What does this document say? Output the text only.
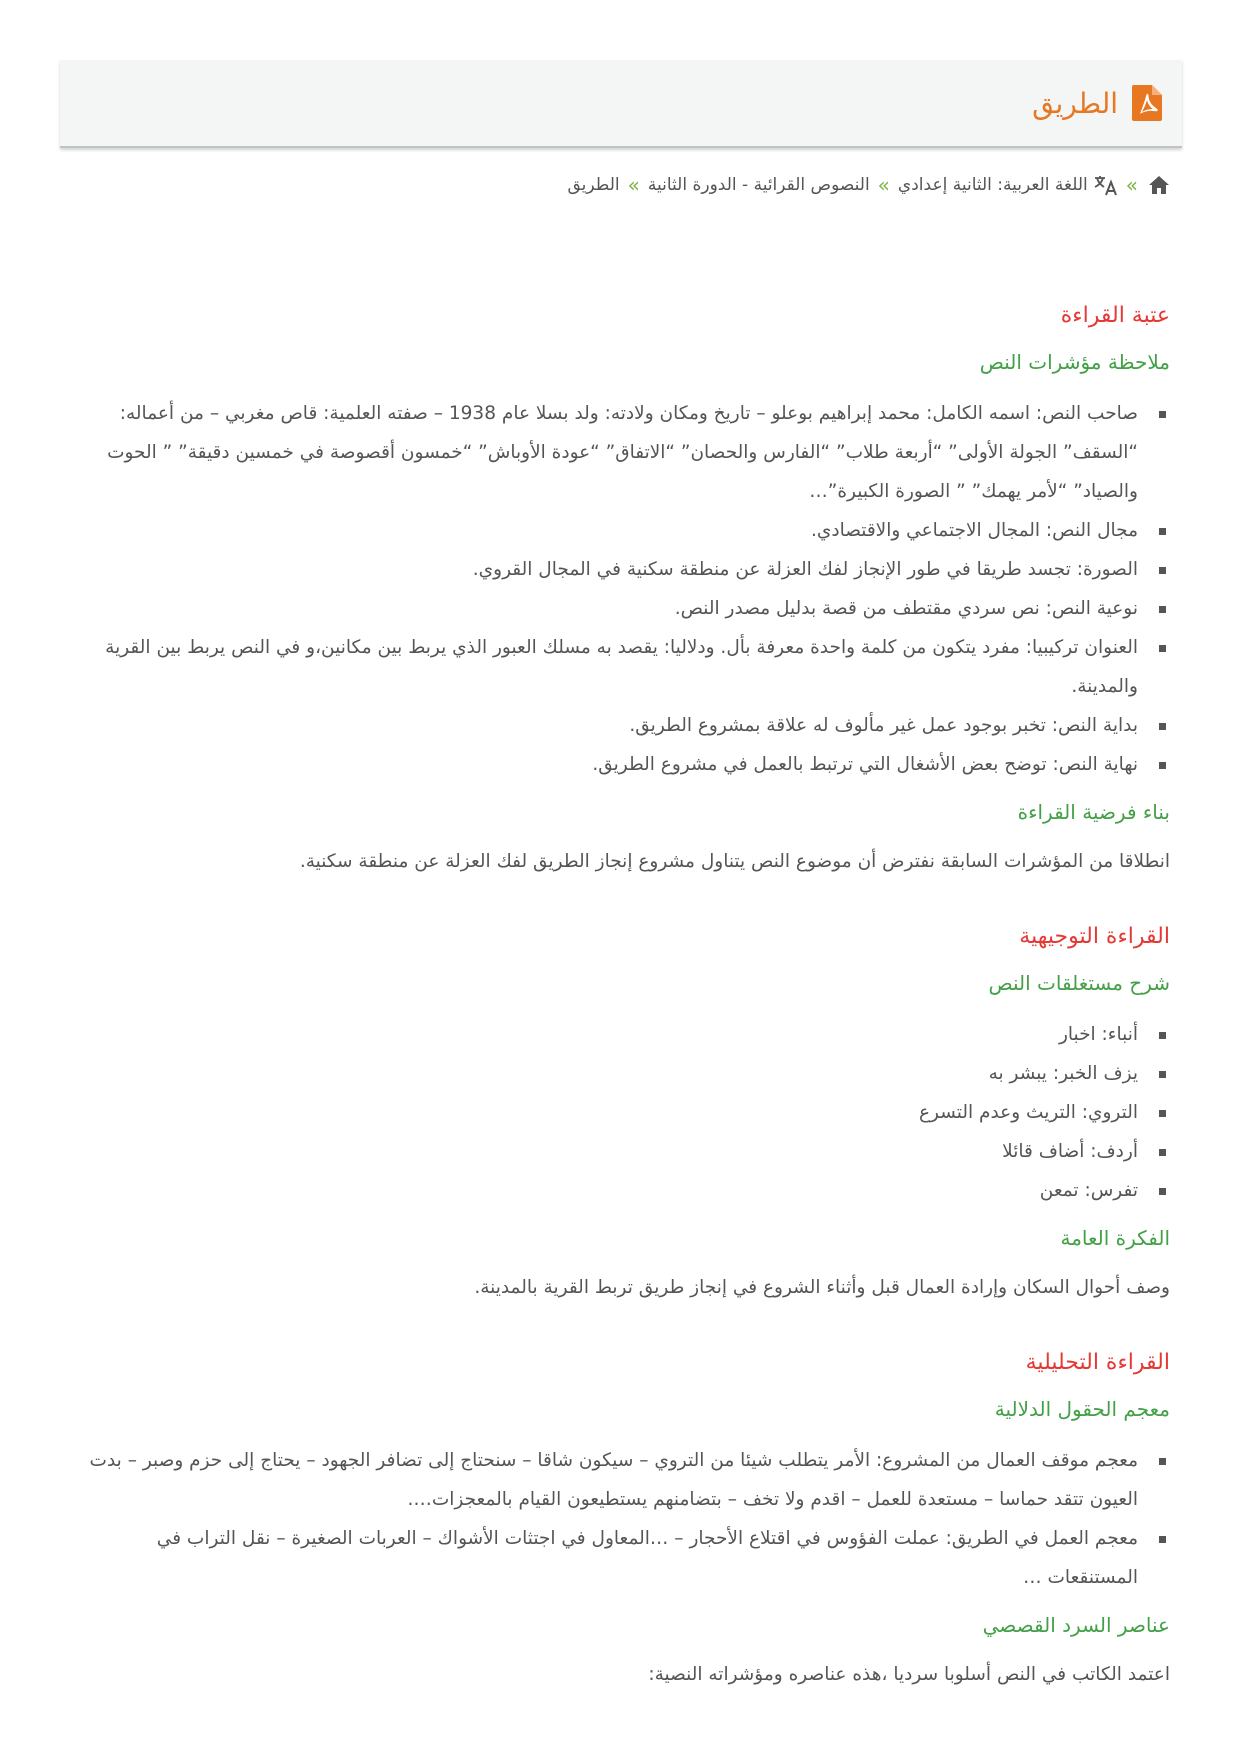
الطريق
»
اللغة العربية: الثانية إعدادي
»
النصوص القرائية - الدورة الثانية
»
الطريق
عتبة القراءة
ملاحظة مؤشرات النص
صاحب النص: اسمه الكامل: محمد إبراهيم بوعلو – تاريخ ومكان ولادته: ولد بسلا عام 1938 – صفته العلمية: قاص مغربي – من أعماله: “السقف” الجولة الأولى” “أربعة طلاب” “الفارس والحصان” “الاتفاق” “عودة الأوباش” “خمسون أقصوصة في خمسين دقيقة” ” الحوت والصياد” “لأمر يهمك” ” الصورة الكبيرة”…
مجال النص: المجال الاجتماعي والاقتصادي.
الصورة: تجسد طريقا في طور الإنجاز لفك العزلة عن منطقة سكنية في المجال القروي.
نوعية النص: نص سردي مقتطف من قصة بدليل مصدر النص.
العنوان تركيبيا: مفرد يتكون من كلمة واحدة معرفة بأل. ودلاليا: يقصد به مسلك العبور الذي يربط بين مكانين،و في النص يربط بين القرية والمدينة.
بداية النص: تخبر بوجود عمل غير مألوف له علاقة بمشروع الطريق.
نهاية النص: توضح بعض الأشغال التي ترتبط بالعمل في مشروع الطريق.
بناء فرضية القراءة

انطلاقا من المؤشرات السابقة نفترض أن موضوع النص يتناول مشروع إنجاز الطريق لفك العزلة عن منطقة سكنية.

القراءة التوجيهية
شرح مستغلقات النص
أنباء: اخبار
يزف الخبر: يبشر به
التروي: التريث وعدم التسرع
أردف: أضاف قائلا
تفرس: تمعن
الفكرة العامة

وصف أحوال السكان وإرادة العمال قبل وأثناء الشروع في إنجاز طريق تربط القرية بالمدينة.

القراءة التحليلية
معجم الحقول الدلالية
معجم موقف العمال من المشروع: الأمر يتطلب شيئا من التروي – سيكون شاقا – سنحتاج إلى تضافر الجهود – يحتاج إلى حزم وصبر – بدت العيون تتقد حماسا – مستعدة للعمل – اقدم ولا تخف – بتضامنهم يستطيعون القيام بالمعجزات….
معجم العمل في الطريق: عملت الفؤوس في اقتلاع الأحجار – …المعاول في اجتثات الأشواك – العربات الصغيرة – نقل التراب في المستنقعات …
عناصر السرد القصصي

اعتمد الكاتب في النص أسلوبا سرديا ،هذه عناصره ومؤشراته النصية:
